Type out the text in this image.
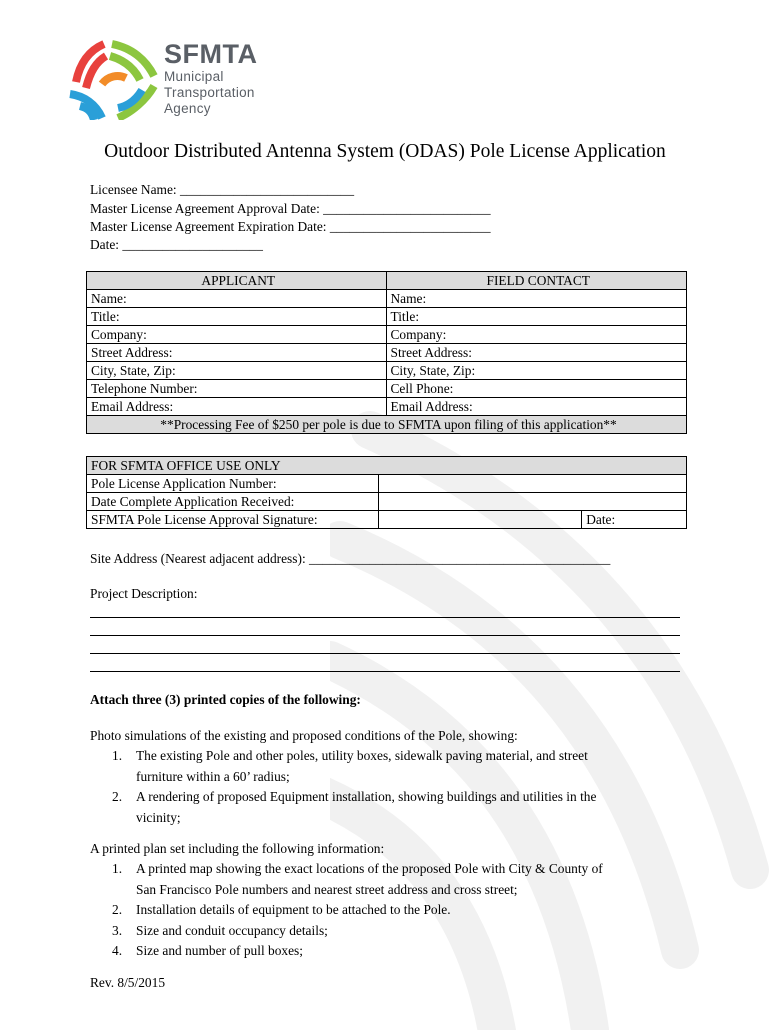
SFMTA
Municipal
Transportation
Agency
Outdoor Distributed Antenna System (ODAS) Pole License Application
Licensee Name: __________________________
Master License Agreement Approval Date: _________________________
Master License Agreement Expiration Date: ________________________
Date: _____________________
APPLICANT	FIELD CONTACT
Name:	Name:
Title:	Title:
Company:	Company:
Street Address:	Street Address:
City, State, Zip:	City, State, Zip:
Telephone Number:	Cell Phone:
Email Address:	Email Address:
**Processing Fee of $250 per pole is due to SFMTA upon filing of this application**	
FOR SFMTA OFFICE USE ONLY		
Pole License Application Number:		
Date Complete Application Received:		
SFMTA Pole License Approval Signature:		Date:
Site Address (Nearest adjacent address): _____________________________________________
Project Description:
Attach three (3) printed copies of the following:
Photo simulations of the existing and proposed conditions of the Pole, showing:
1. The existing Pole and other poles, utility boxes, sidewalk paving material, and street
furniture within a 60’ radius;
2. A rendering of proposed Equipment installation, showing buildings and utilities in the
vicinity;
A printed plan set including the following information:
1. A printed map showing the exact locations of the proposed Pole with City & County of
San Francisco Pole numbers and nearest street address and cross street;
2. Installation details of equipment to be attached to the Pole.
3. Size and conduit occupancy details;
4. Size and number of pull boxes;
Rev. 8/5/2015
